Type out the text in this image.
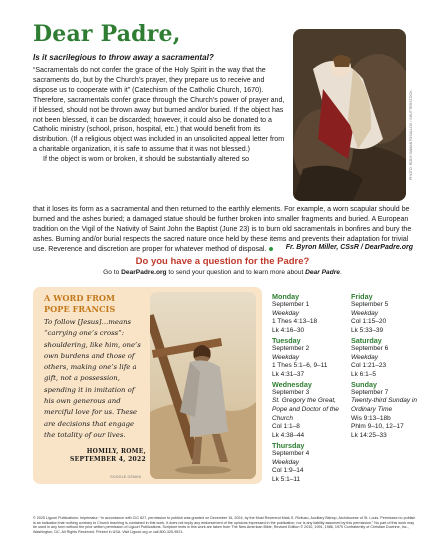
Dear Padre,
Is it sacrilegious to throw away a sacramental?

“Sacramentals do not confer the grace of the Holy Spirit in the way that the sacraments do, but by the Church’s prayer, they prepare us to receive and dispose us to cooperate with it” (Catechism of the Catholic Church, 1670). Therefore, sacramentals confer grace through the Church’s power of prayer and, if blessed, should not be thrown away but burned and/or buried. If the object has not been blessed, it can be discarded; however, it could also be donated to a Catholic ministry (school, prison, hospital, etc.) that would benefit from its distribution. (If a religious object was included in an unsolicited appeal letter from a charitable organization, it is safe to assume that it was not blessed.)

If the object is worn or broken, it should be substantially altered so	PHOTO: RONY.SAMANTOSALLOS / SHUTTERSTOCK

that it loses its form as a sacramental and then returned to the earthly elements. For example, a worn scapular should be burned and the ashes buried; a damaged statue should be further broken into smaller fragments and buried. A European tradition on the Vigil of the Nativity of Saint John the Baptist (June 23) is to burn old sacramentals in bonfires and bury the ashes. Burning and/or burial respects the sacred nature once held by these items and prevents their adaptation for trivial use. Reverence and discretion are proper for whatever method of disposal.	Fr. Byron Miller, CSsR / DearPadre.org
A WORD FROM
POPE FRANCIS
To follow [Jesus]…means “carrying one’s cross”: shouldering, like him, one’s own burdens and those of others, making one’s life a gift, not a possession, spending it in imitation of his own generous and merciful love for us. These are decisions that engage the totality of our lives.
HOMILY, ROME,
SEPTEMBER 4, 2022
GOOGLE GEMINI
Monday
September 1
Weekday
1 Thes 4:13–18
Lk 4:16–30
Tuesday
September 2
Weekday
1 Thes 5:1–6, 9–11
Lk 4:31–37
Wednesday
September 3
St. Gregory the Great, Pope and Doctor of the Church
Col 1:1–8
Lk 4:38–44
Thursday
September 4
Weekday
Col 1:9–14
Lk 5:1–11
Friday
September 5
Weekday
Col 1:15–20
Lk 5:33–39
Saturday
September 6
Weekday
Col 1:21–23
Lk 6:1–5
Sunday
September 7
Twenty-third Sunday in Ordinary Time
Wis 9:13–18b
Phlm 9–10, 12–17
Lk 14:25–33
Do you have a question for the Padre?
Go to DearPadre.org to send your question and to learn more about Dear Padre.
© 2025 Liguori Publications. Imprimatur: “In accordance with CIC 827, permission to publish was granted on December 16, 2024, by the Most Reverend Mark S. Rivituso, Auxiliary Bishop, Archdiocese of St. Louis. Permission to publish is an indication that nothing contrary to Church teaching is contained in this work. It does not imply any endorsement of the opinions expressed in the publication; nor is any liability assumed by this permission.” No part of this work may be used in any form without the prior written permission of Liguori Publications. Scripture texts in this work are taken from The New American Bible, Revised Edition © 2010, 1991, 1986, 1970 Confraternity of Christian Doctrine, Inc., Washington, DC. All Rights Reserved. Printed in USA. Visit Liguori.org or call 800-325-9521.
